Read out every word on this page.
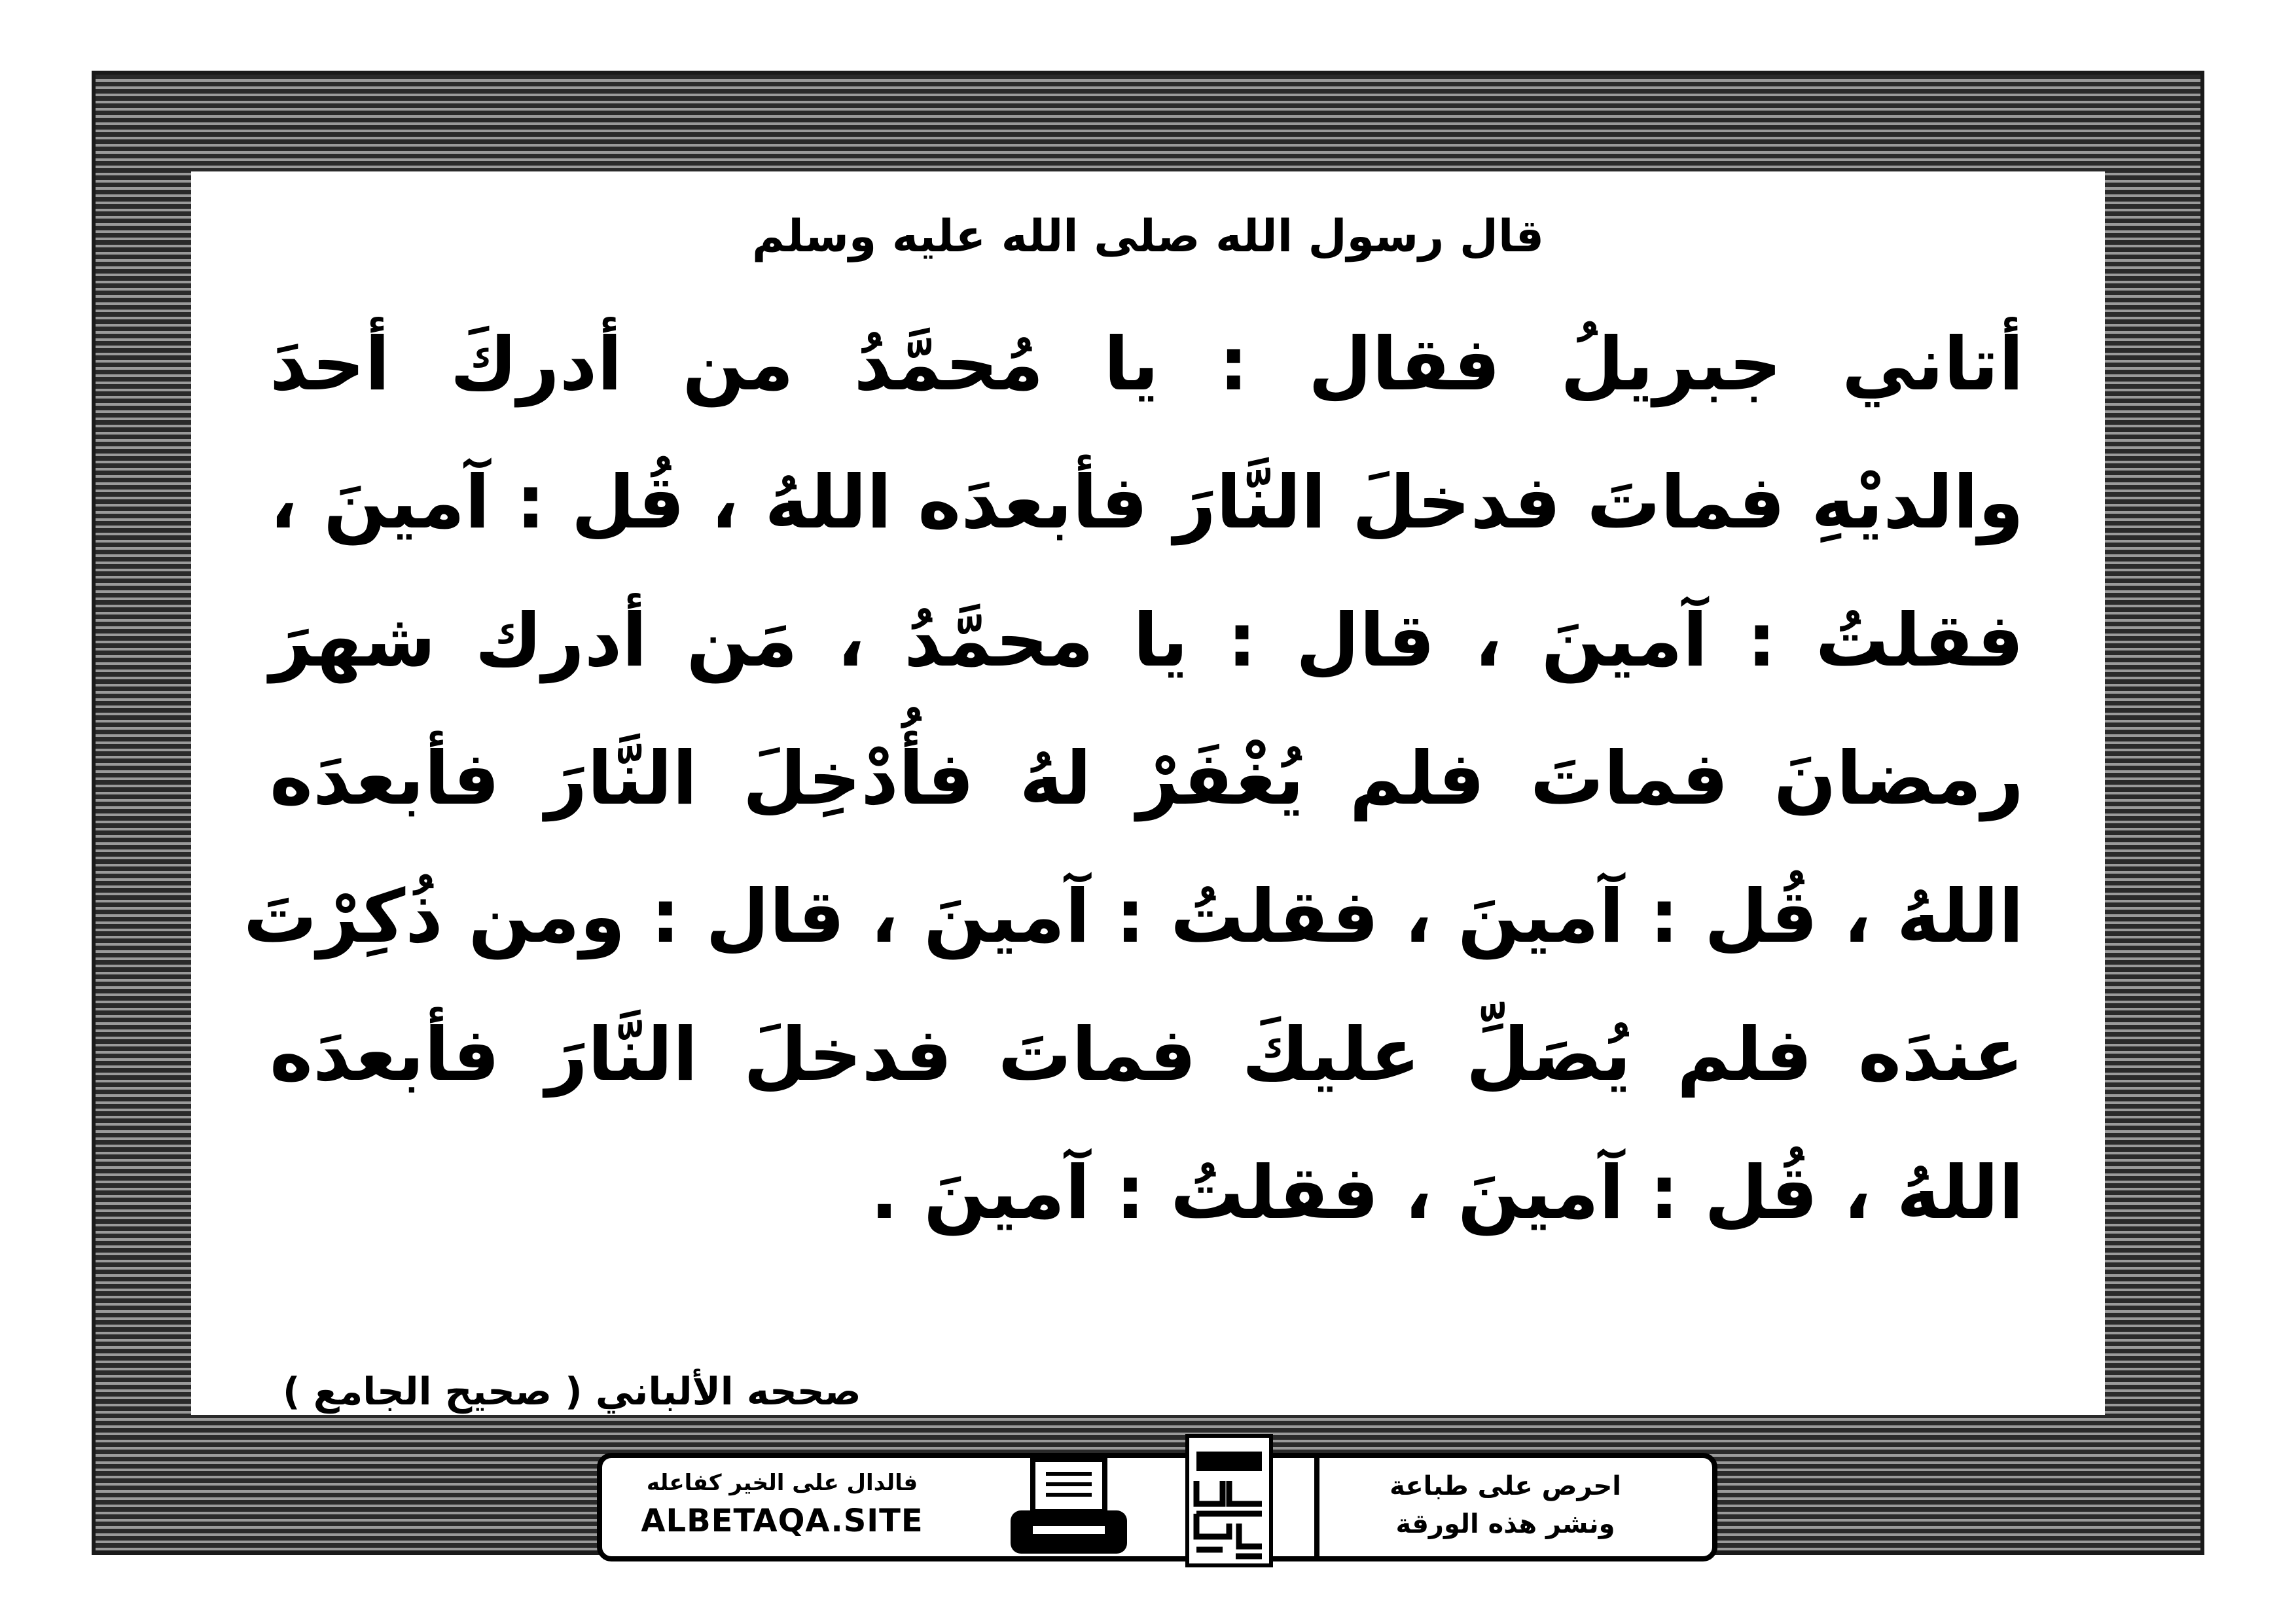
قال رسول الله صلى الله عليه وسلم
أتاني جبريلُ فقال : يا مُحمَّدُ من أدركَ أحدَ
والديْهِ فماتَ فدخلَ النَّارَ فأبعدَه اللهُ ، قُل : آمينَ ،
فقلتُ : آمينَ ، قال : يا محمَّدُ ، مَن أدرك شهرَ
رمضانَ فماتَ فلم يُغْفَرْ لهُ فأُدْخِلَ النَّارَ فأبعدَه
اللهُ ، قُل : آمينَ ، فقلتُ : آمينَ ، قال : ومن ذُكِرْتَ
عندَه فلم يُصَلِّ عليكَ فماتَ فدخلَ النَّارَ فأبعدَه
اللهُ ، قُل : آمينَ ، فقلتُ : آمينَ .
صححه الألباني ( صحيح الجامع )
فالدال على الخير كفاعله
ALBETAQA.SITE
احرص على طباعة
ونشر هذه الورقة
